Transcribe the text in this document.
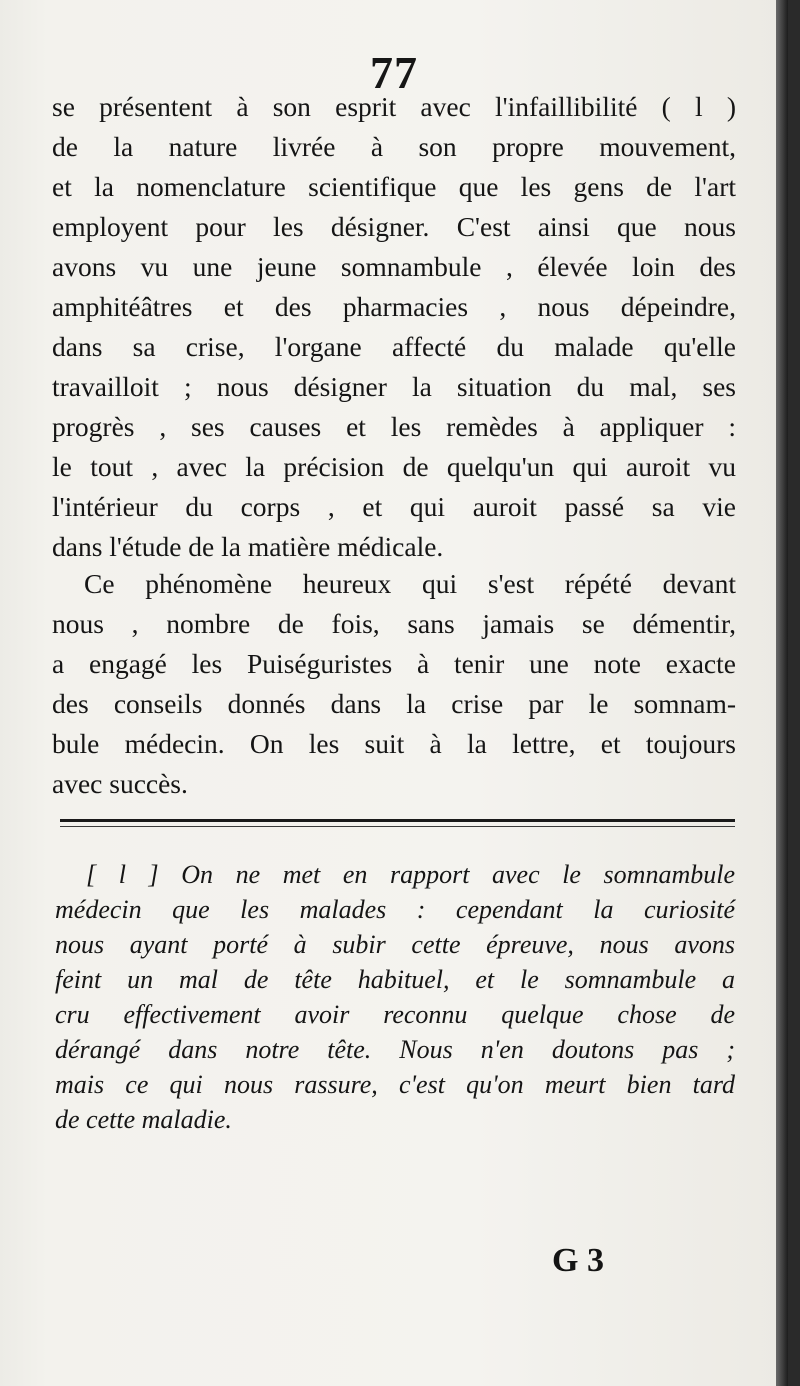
77
se présentent à son esprit avec l'infaillibilité ( l )
de la nature livrée à son propre mouvement,
et la nomenclature scientifique que les gens de l'art
employent pour les désigner. C'est ainsi que nous
avons vu une jeune somnambule , élevée loin des
amphitéâtres et des pharmacies , nous dépeindre,
dans sa crise, l'organe affecté du malade qu'elle
travailloit ; nous désigner la situation du mal, ses
progrès , ses causes et les remèdes à appliquer :
le tout , avec la précision de quelqu'un qui auroit vu
l'intérieur du corps , et qui auroit passé sa vie
dans l'étude de la matière médicale.
Ce phénomène heureux qui s'est répété devant
nous , nombre de fois, sans jamais se démentir,
a engagé les Puiséguristes à tenir une note exacte
des conseils donnés dans la crise par le somnam-
bule médecin. On les suit à la lettre, et toujours
avec succès.
[ l ] On ne met en rapport avec le somnambule
médecin que les malades : cependant la curiosité
nous ayant porté à subir cette épreuve, nous avons
feint un mal de tête habituel, et le somnambule a
cru effectivement avoir reconnu quelque chose de
dérangé dans notre tête. Nous n'en doutons pas ;
mais ce qui nous rassure, c'est qu'on meurt bien tard
de cette maladie.
G 3
